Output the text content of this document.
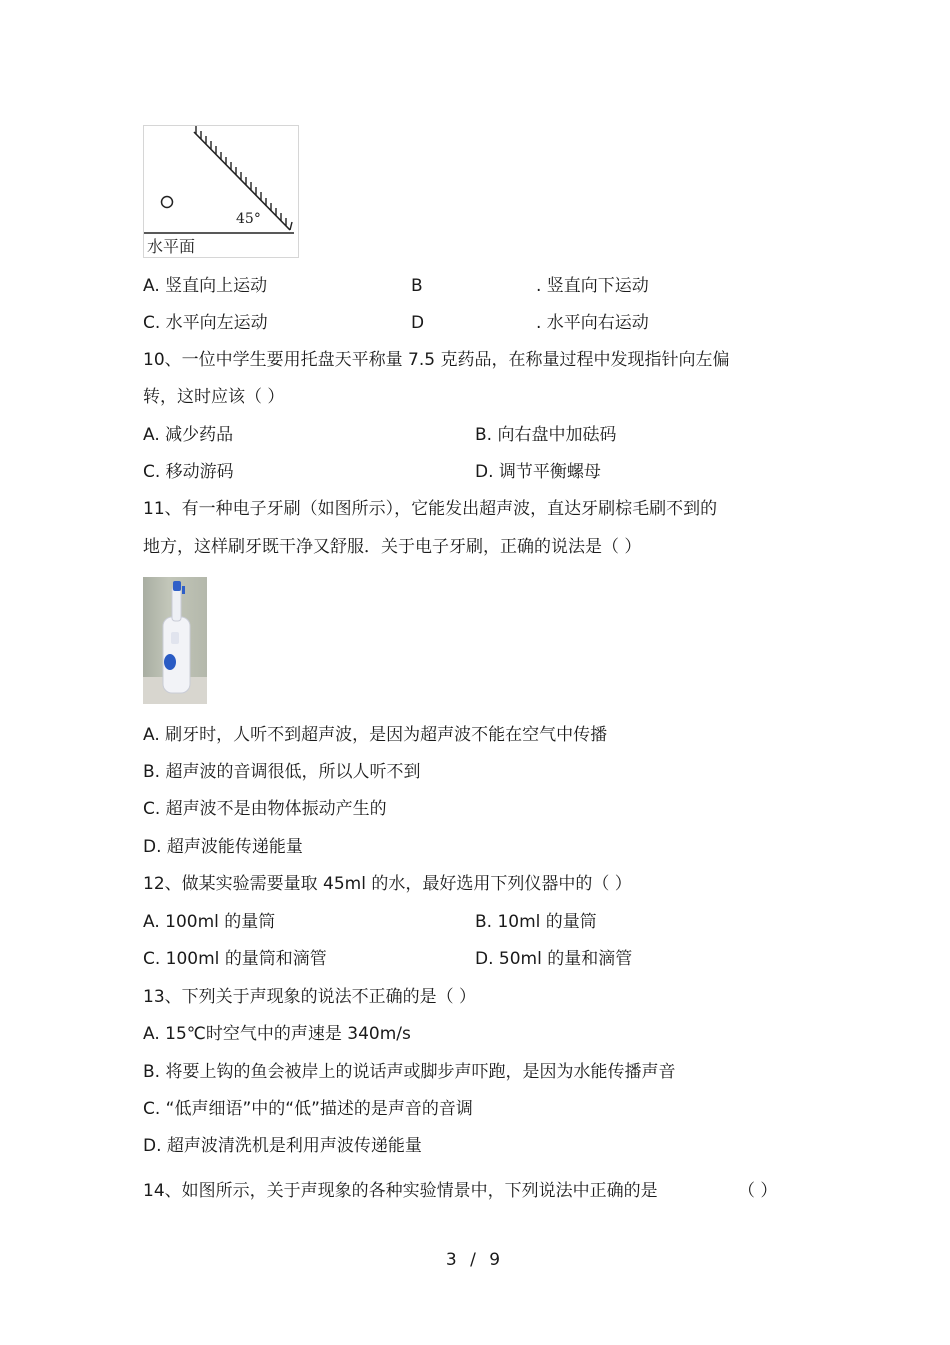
45°
水平面
A. 竖直向上运动	B	. 竖直向下运动
C. 水平向左运动	D	. 水平向右运动
10、一位中学生要用托盘天平称量 7.5 克药品，在称量过程中发现指针向左偏
转，这时应该（ ）
A. 减少药品	B. 向右盘中加砝码
C. 移动游码	D. 调节平衡螺母
11、有一种电子牙刷（如图所示），它能发出超声波，直达牙刷棕毛刷不到的
地方，这样刷牙既干净又舒服．关于电子牙刷，正确的说法是（ ）
A. 刷牙时，人听不到超声波，是因为超声波不能在空气中传播
B. 超声波的音调很低，所以人听不到
C. 超声波不是由物体振动产生的
D. 超声波能传递能量
12、做某实验需要量取 45ml 的水，最好选用下列仪器中的（ ）
A. 100ml 的量筒	B. 10ml 的量筒
C. 100ml 的量筒和滴管	D. 50ml 的量和滴管
13、下列关于声现象的说法不正确的是（ ）
A. 15℃时空气中的声速是 340m/s
B. 将要上钩的鱼会被岸上的说话声或脚步声吓跑，是因为水能传播声音
C. “低声细语”中的“低”描述的是声音的音调
D. 超声波清洗机是利用声波传递能量
14、如图所示，关于声现象的各种实验情景中，下列说法中正确的是	（ ）
3 / 9
